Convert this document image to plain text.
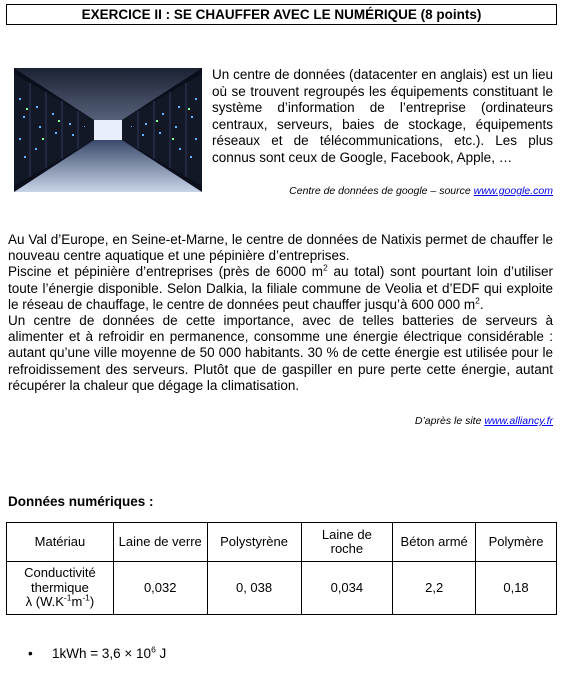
EXERCICE II : SE CHAUFFER AVEC LE NUMÉRIQUE (8 points)
Un centre de données (datacenter en anglais) est un lieu où se trouvent regroupés les équipements constituant le système d’information de l’entreprise (ordinateurs centraux, serveurs, baies de stockage, équipements réseaux et de télécommunications, etc.). Les plus connus sont ceux de Google, Facebook, Apple, …
Centre de données de google – source www.google.com

Au Val d’Europe, en Seine-et-Marne, le centre de données de Natixis permet de chauffer le nouveau centre aquatique et une pépinière d’entreprises.

Piscine et pépinière d’entreprises (près de 6000 $m^2$ au total) sont pourtant loin d’utiliser toute l’énergie disponible. Selon Dalkia, la filiale commune de Veolia et d’EDF qui exploite le réseau de chauffage, le centre de données peut chauffer jusqu’à 600 000 $m^2$.

Un centre de données de cette importance, avec de telles batteries de serveurs à alimenter et à refroidir en permanence, consomme une énergie électrique considérable : autant qu’une ville moyenne de 50 000 habitants. 30 % de cette énergie est utilisée pour le refroidissement des serveurs. Plutôt que de gaspiller en pure perte cette énergie, autant récupérer la chaleur que dégage la climatisation.

D’après le site www.alliancy.fr
Données numériques :
Matériau	Laine de verre	Polystyrène	Laine de roche	Béton armé	Polymère
Conductivité thermique
λ $(W.K^{-1}m^{-1})$	0,032	0, 038	0,034	2,2	0,18
• $1kWh = 3,6 \times 10^6$ J
